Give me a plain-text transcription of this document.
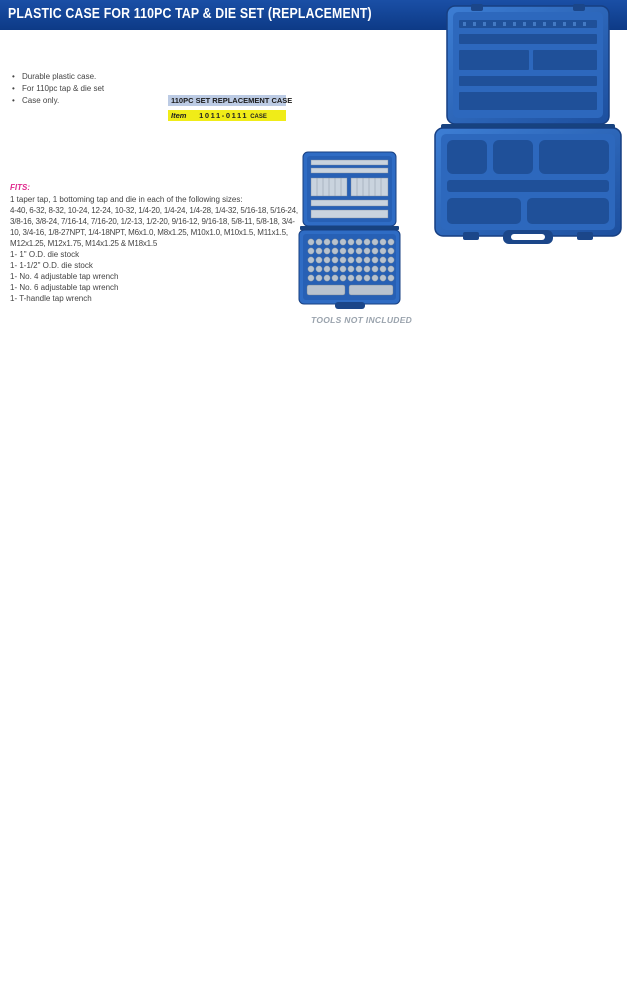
PLASTIC CASE FOR 110PC TAP & DIE SET (REPLACEMENT)
• Durable plastic case.
• For 110pc tap & die set
• Case only.	110PC SET REPLACEMENT CASE
Item 1011-0111 CASE
FITS:

1 taper tap, 1 bottoming tap and die in each of the following sizes:

4-40, 6-32, 8-32, 10-24, 12-24, 10-32, 1/4-20, 1/4-24, 1/4-28, 1/4-32, 5/16-18, 5/16-24, 3/8-16, 3/8-24, 7/16-14, 7/16-20, 1/2-13, 1/2-20, 9/16-12, 9/16-18, 5/8-11, 5/8-18, 3/4-10, 3/4-16, 1/8-27NPT, 1/4-18NPT, M6x1.0, M8x1.25, M10x1.0, M10x1.5, M11x1.5, M12x1.25, M12x1.75, M14x1.25 & M18x1.5

1- 1" O.D. die stock
1- 1-1/2" O.D. die stock
1- No. 4 adjustable tap wrench
1- No. 6 adjustable tap wrench
1- T-handle tap wrench
TOOLS NOT INCLUDED
